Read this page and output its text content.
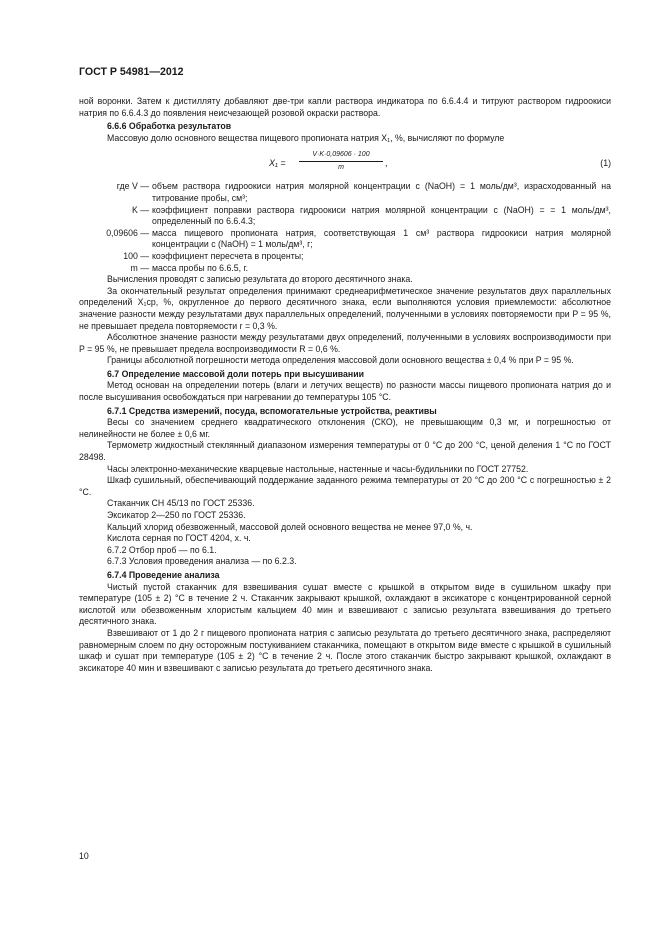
ГОСТ Р 54981—2012

ной воронки. Затем к дистилляту добавляют две-три капли раствора индикатора по 6.6.4.4 и титруют раствором гидроокиси натрия по 6.6.4.3 до появления неисчезающей розовой окраски раствора.

6.6.6 Обработка результатов

Массовую долю основного вещества пищевого пропионата натрия X₁, %, вычисляют по формуле

$X_1 = \frac{V\cdot K\cdot 0,09606 \cdot 100}{m}$ ,	(1)
где V — объем раствора гидроокиси натрия молярной концентрации c (NaOH) = 1 моль/дм³, израсходованный на титрование пробы, см³;
K — коэффициент поправки раствора гидроокиси натрия молярной концентрации c (NaOH) = = 1 моль/дм³, определенный по 6.6.4.3;
0,09606 — масса пищевого пропионата натрия, соответствующая 1 см³ раствора гидроокиси натрия молярной концентрации c (NaOH) = 1 моль/дм³, г;
100 — коэффициент пересчета в проценты;
m — масса пробы по 6.6.5, г.

Вычисления проводят с записью результата до второго десятичного знака.

За окончательный результат определения принимают среднеарифметическое значение результатов двух параллельных определений X₁ср, %, округленное до первого десятичного знака, если выполняются условия приемлемости: абсолютное значение разности между результатами двух параллельных определений, полученными в условиях повторяемости при P = 95 %, не превышает предела повторяемости r = 0,3 %.

Абсолютное значение разности между результатами двух определений, полученными в условиях воспроизводимости при P = 95 %, не превышает предела воспроизводимости R = 0,6 %.

Границы абсолютной погрешности метода определения массовой доли основного вещества ± 0,4 % при P = 95 %.

6.7 Определение массовой доли потерь при высушивании

Метод основан на определении потерь (влаги и летучих веществ) по разности массы пищевого пропионата натрия до и после высушивания освобождаться при нагревании до температуры 105 °C.

6.7.1 Средства измерений, посуда, вспомогательные устройства, реактивы

Весы со значением среднего квадратического отклонения (СКО), не превышающим 0,3 мг, и погрешностью от нелинейности не более ± 0,6 мг.

Термометр жидкостный стеклянный диапазоном измерения температуры от 0 °C до 200 °C, ценой деления 1 °C по ГОСТ 28498.

Часы электронно-механические кварцевые настольные, настенные и часы-будильники по ГОСТ 27752.

Шкаф сушильный, обеспечивающий поддержание заданного режима температуры от 20 °C до 200 °C с погрешностью ± 2 °C.

Стаканчик СН 45/13 по ГОСТ 25336.

Эксикатор 2—250 по ГОСТ 25336.

Кальций хлорид обезвоженный, массовой долей основного вещества не менее 97,0 %, ч.

Кислота серная по ГОСТ 4204, х. ч.

6.7.2 Отбор проб — по 6.1.

6.7.3 Условия проведения анализа — по 6.2.3.

6.7.4 Проведение анализа

Чистый пустой стаканчик для взвешивания сушат вместе с крышкой в открытом виде в сушильном шкафу при температуре (105 ± 2) °C в течение 2 ч. Стаканчик закрывают крышкой, охлаждают в эксикаторе с концентрированной серной кислотой или обезвоженным хлористым кальцием 40 мин и взвешивают с записью результата взвешивания до третьего десятичного знака.

Взвешивают от 1 до 2 г пищевого пропионата натрия с записью результата до третьего десятичного знака, распределяют равномерным слоем по дну осторожным постукиванием стаканчика, помещают в открытом виде вместе с крышкой в сушильный шкаф и сушат при температуре (105 ± 2) °C в течение 2 ч. После этого стаканчик быстро закрывают крышкой, охлаждают в эксикаторе 40 мин и взвешивают с записью результата до третьего десятичного знака.

10
